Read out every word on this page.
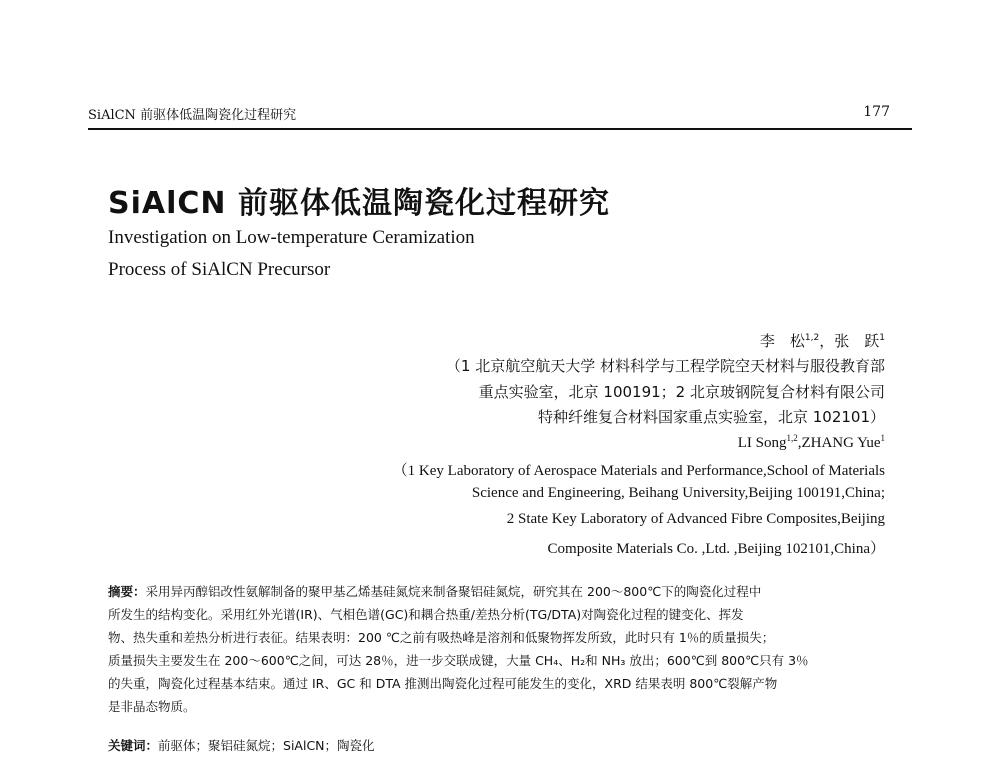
SiAlCN 前驱体低温陶瓷化过程研究	177
SiAlCN 前驱体低温陶瓷化过程研究
Investigation on Low-temperature Ceramization
Process of SiAlCN Precursor
李　松$^{1,2}$，张　跃$^1$
（1 北京航空航天大学 材料科学与工程学院空天材料与服役教育部
重点实验室，北京 100191；2 北京玻钢院复合材料有限公司
特种纤维复合材料国家重点实验室，北京 102101）
LI Song$^{1,2}$,ZHANG Yue$^1$
（1 Key Laboratory of Aerospace Materials and Performance,School of Materials
Science and Engineering, Beihang University,Beijing 100191,China;
2 State Key Laboratory of Advanced Fibre Composites,Beijing
Composite Materials Co. ,Ltd. ,Beijing 102101,China）
摘要：采用异丙醇铝改性氨解制备的聚甲基乙烯基硅氮烷来制备聚铝硅氮烷，研究其在 200～800℃下的陶瓷化过程中
所发生的结构变化。采用红外光谱(IR)、气相色谱(GC)和耦合热重/差热分析(TG/DTA)对陶瓷化过程的键变化、挥发
物、热失重和差热分析进行表征。结果表明：200 ℃之前有吸热峰是溶剂和低聚物挥发所致，此时只有 1％的质量损失；
质量损失主要发生在 200～600℃之间，可达 28％，进一步交联成键，大量 CH₄、H₂和 NH₃ 放出；600℃到 800℃只有 3％
的失重，陶瓷化过程基本结束。通过 IR、GC 和 DTA 推测出陶瓷化过程可能发生的变化，XRD 结果表明 800℃裂解产物
是非晶态物质。
关键词：前驱体；聚铝硅氮烷；SiAlCN；陶瓷化
